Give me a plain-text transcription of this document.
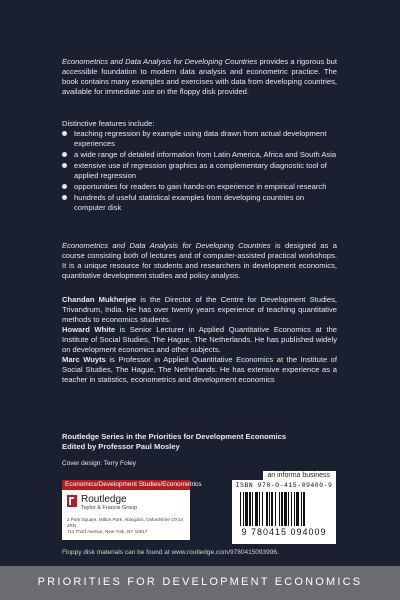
Econometrics and Data Analysis for Developing Countries provides a rigorous but accessible foundation to modern data analysis and econometric practice. The book contains many examples and exercises with data from developing countries, available for immediate use on the floppy disk provided.
Distinctive features include:
teaching regression by example using data drawn from actual development experiences
a wide range of detailed information from Latin America, Africa and South Asia
extensive use of regression graphics as a complementary diagnostic tool of applied regression
opportunities for readers to gain hands-on experience in empirical research
hundreds of useful statistical examples from developing countries on computer disk
Econometrics and Data Analysis for Developing Countries is designed as a course consisting both of lectures and of computer-assisted practical workshops. It is a unique resource for students and researchers in development economics, quantitative development studies and policy analysis.

Chandan Mukherjee is the Director of the Centre for Development Studies, Trivandrum, India. He has over twenty years experience of teaching quantitative methods to economics students.

Howard White is Senior Lecturer in Applied Quantitative Economics at the Institute of Social Studies, The Hague, The Netherlands. He has published widely on development economics and other subjects.

Marc Wuyts is Professor in Applied Quantitative Economics at the Institute of Social Studies, The Hague, The Netherlands. He has extensive experience as a teacher in statistics, econometrics and development economics

Routledge Series in the Priorities for Development Economics
Edited by Professor Paul Mosley
Cover design: Terry Foley
an informa business
Economics/Development Studies/Econometrics
Routledge
Taylor & Francis Group
2 Park Square, Milton Park, Abingdon, Oxfordshire OX14 4RN
711 Third Avenue, New York, NY 10017
ISBN 978-0-415-09400-9
9 780415 094009
Floppy disk materials can be found at www.routledge.com/9780415093996.
PRIORITIES FOR DEVELOPMENT ECONOMICS
